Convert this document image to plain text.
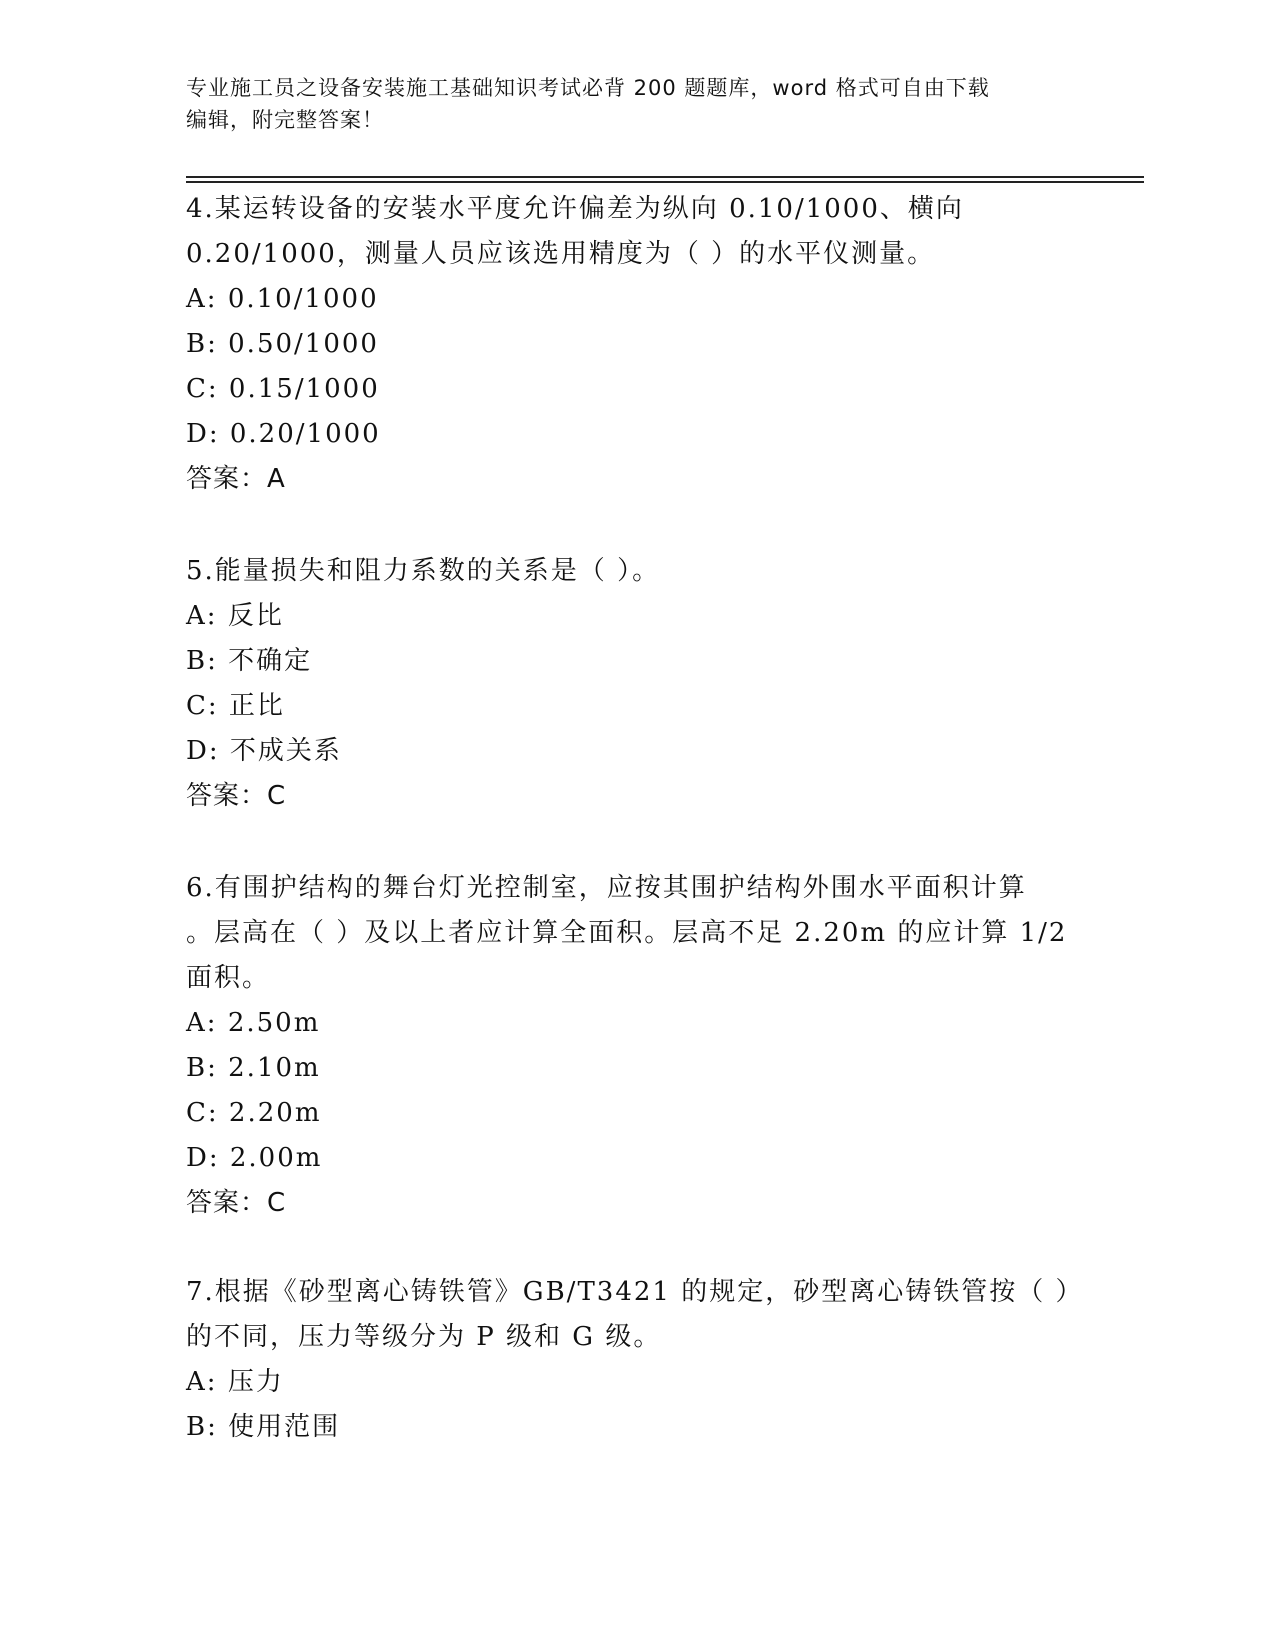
专业施工员之设备安装施工基础知识考试必背 200 题题库，word 格式可自由下载
编辑，附完整答案！
4.某运转设备的安装水平度允许偏差为纵向 0.10/1000、横向
0.20/1000，测量人员应该选用精度为（ ）的水平仪测量。
A: 0.10/1000
B: 0.50/1000
C: 0.15/1000
D: 0.20/1000
答案：A
5.能量损失和阻力系数的关系是（ ）。
A: 反比
B: 不确定
C: 正比
D: 不成关系
答案：C
6.有围护结构的舞台灯光控制室，应按其围护结构外围水平面积计算
。层高在（ ）及以上者应计算全面积。层高不足 2.20m 的应计算 1/2
面积。
A: 2.50m
B: 2.10m
C: 2.20m
D: 2.00m
答案：C
7.根据《砂型离心铸铁管》GB/T3421 的规定，砂型离心铸铁管按（ ）
的不同，压力等级分为 P 级和 G 级。
A: 压力
B: 使用范围
